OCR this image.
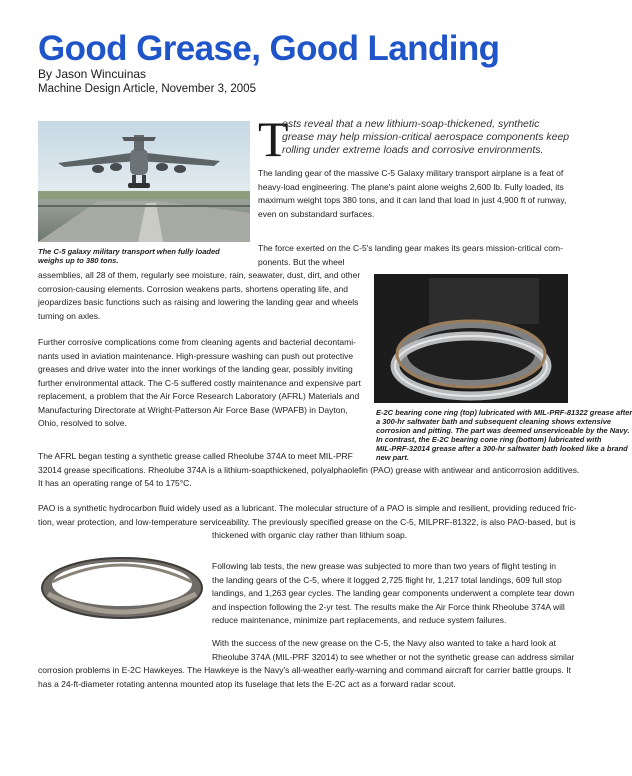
Good Grease, Good Landing
By Jason Wincuinas
Machine Design Article, November 3, 2005
The C-5 galaxy military transport when fully loaded
weighs up to 380 tons.
T
ests reveal that a new lithium-soap-thickened, synthetic grease may help mission-critical aerospace components keep rolling under extreme loads and corrosive environments.
The landing gear of the massive C-5 Galaxy military transport airplane is a feat of
heavy-load engineering. The plane's paint alone weighs 2,600 lb. Fully loaded, its
maximum weight tops 380 tons, and it can land that load in just 4,900 ft of runway,
even on substandard surfaces.
The force exerted on the C-5's landing gear makes its gears mission-critical com-
ponents. But the wheel
assemblies, all 28 of them, regularly see moisture, rain, seawater, dust, dirt, and other
corrosion-causing elements. Corrosion weakens parts, shortens operating life, and
jeopardizes basic functions such as raising and lowering the landing gear and wheels
turning on axles.
E-2C bearing cone ring (top) lubricated with MIL-PRF-81322 grease after
a 300-hr saltwater bath and subsequent cleaning shows extensive
corrosion and pitting. The part was deemed unserviceable by the Navy.
In contrast, the E-2C bearing cone ring (bottom) lubricated with
MIL-PRF-32014 grease after a 300-hr saltwater bath looked like a brand
new part.
Further corrosive complications come from cleaning agents and bacterial decontami-
nants used in aviation maintenance. High-pressure washing can push out protective
greases and drive water into the inner workings of the landing gear, possibly inviting
further environmental attack. The C-5 suffered costly maintenance and expensive part
replacement, a problem that the Air Force Research Laboratory (AFRL) Materials and
Manufacturing Directorate at Wright-Patterson Air Force Base (WPAFB) in Dayton,
Ohio, resolved to solve.
The AFRL began testing a synthetic grease called Rheolube 374A to meet MIL-PRF
32014 grease specifications. Rheolube 374A is a lithium-soapthickened, polyalphaolefin (PAO) grease with antiwear and anticorrosion additives.
It has an operating range of 54 to 175°C.
PAO is a synthetic hydrocarbon fluid widely used as a lubricant. The molecular structure of a PAO is simple and resilient, providing reduced fric-
tion, wear protection, and low-temperature serviceability. The previously specified grease on the C-5, MILPRF-81322, is also PAO-based, but is
thickened with organic clay rather than lithium soap.
Following lab tests, the new grease was subjected to more than two years of flight testing in
the landing gears of the C-5, where it logged 2,725 flight hr, 1,217 total landings, 609 full stop
landings, and 1,263 gear cycles. The landing gear components underwent a complete tear down
and inspection following the 2-yr test. The results make the Air Force think Rheolube 374A will
reduce maintenance, minimize part replacements, and reduce system failures.
With the success of the new grease on the C-5, the Navy also wanted to take a hard look at
Rheolube 374A (MIL-PRF 32014) to see whether or not the synthetic grease can address similar
corrosion problems in E-2C Hawkeyes. The Hawkeye is the Navy's all-weather early-warning and command aircraft for carrier battle groups. It
has a 24-ft-diameter rotating antenna mounted atop its fuselage that lets the E-2C act as a forward radar scout.
